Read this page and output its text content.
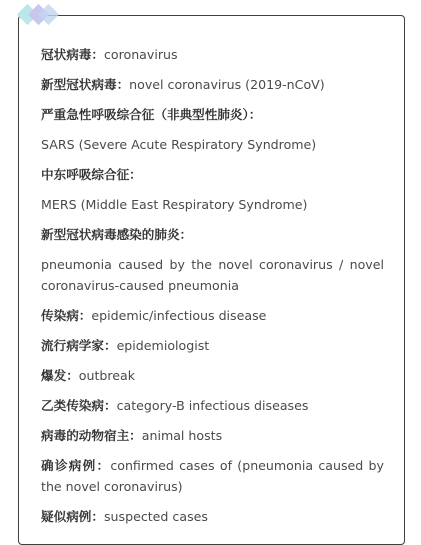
冠状病毒：coronavirus

新型冠状病毒：novel coronavirus (2019-nCoV)

严重急性呼吸综合征（非典型性肺炎）：

SARS (Severe Acute Respiratory Syndrome)

中东呼吸综合征：

MERS (Middle East Respiratory Syndrome)

新型冠状病毒感染的肺炎：

pneumonia caused by the novel coronavirus / novel coronavirus-caused pneumonia

传染病：epidemic/infectious disease

流行病学家：epidemiologist

爆发：outbreak

乙类传染病：category-B infectious diseases

病毒的动物宿主：animal hosts

确诊病例：confirmed cases of (pneumonia caused by the novel coronavirus)

疑似病例：suspected cases
